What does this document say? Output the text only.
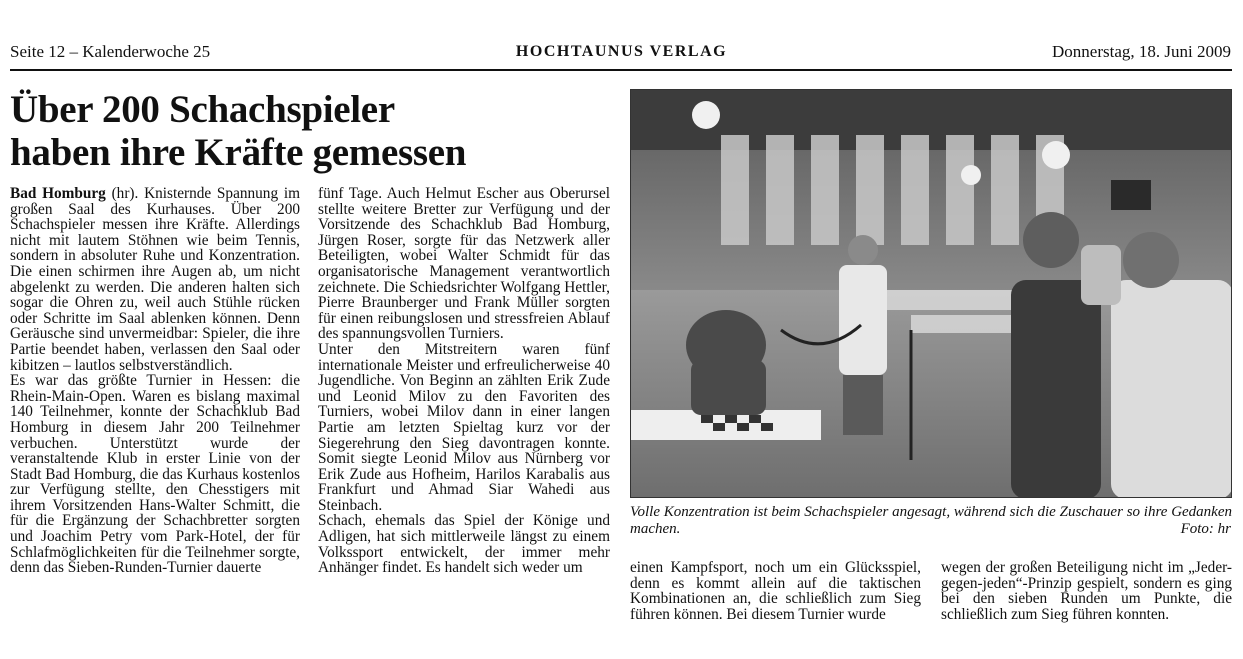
Seite 12 – Kalenderwoche 25	HOCHTAUNUS VERLAG	Donnerstag, 18. Juni 2009
Über 200 Schachspieler
haben ihre Kräfte gemessen

Bad Homburg (hr). Knisternde Spannung im großen Saal des Kurhauses. Über 200 Schachspieler messen ihre Kräfte. Allerdings nicht mit lautem Stöhnen wie beim Tennis, sondern in absoluter Ruhe und Konzentration. Die einen schirmen ihre Augen ab, um nicht abgelenkt zu werden. Die anderen halten sich sogar die Ohren zu, weil auch Stühle rücken oder Schritte im Saal ablenken können. Denn Geräusche sind unvermeidbar: Spieler, die ihre Partie beendet haben, verlassen den Saal oder kibitzen – lautlos selbstverständlich.

Es war das größte Turnier in Hessen: die Rhein-Main-Open. Waren es bislang maximal 140 Teilnehmer, konnte der Schachklub Bad Homburg in diesem Jahr 200 Teilnehmer verbuchen. Unterstützt wurde der veranstaltende Klub in erster Linie von der Stadt Bad Homburg, die das Kurhaus kostenlos zur Verfügung stellte, den Chesstigers mit ihrem Vorsitzenden Hans-Walter Schmitt, die für die Ergänzung der Schachbretter sorgten und Joachim Petry vom Park-Hotel, der für Schlafmöglichkeiten für die Teilnehmer sorgte, denn das Sieben-Runden-Turnier dauerte

fünf Tage. Auch Helmut Escher aus Oberursel stellte weitere Bretter zur Verfügung und der Vorsitzende des Schachklub Bad Homburg, Jürgen Roser, sorgte für das Netzwerk aller Beteiligten, wobei Walter Schmidt für das organisatorische Management verantwortlich zeichnete. Die Schiedsrichter Wolfgang Hettler, Pierre Braunberger und Frank Müller sorgten für einen reibungslosen und stressfreien Ablauf des spannungsvollen Turniers.

Unter den Mitstreitern waren fünf internationale Meister und erfreulicherweise 40 Jugendliche. Von Beginn an zählten Erik Zude und Leonid Milov zu den Favoriten des Turniers, wobei Milov dann in einer langen Partie am letzten Spieltag kurz vor der Siegerehrung den Sieg davontragen konnte. Somit siegte Leonid Milov aus Nürnberg vor Erik Zude aus Hofheim, Harilos Karabalis aus Frankfurt und Ahmad Siar Wahedi aus Steinbach.

Schach, ehemals das Spiel der Könige und Adligen, hat sich mittlerweile längst zu einem Volkssport entwickelt, der immer mehr Anhänger findet. Es handelt sich weder um

Volle Konzentration ist beim Schachspieler angesagt, während sich die Zuschauer so ihre Gedanken machen.	Foto: hr

einen Kampfsport, noch um ein Glücksspiel, denn es kommt allein auf die taktischen Kombinationen an, die schließlich zum Sieg führen können. Bei diesem Turnier wurde

wegen der großen Beteiligung nicht im „Jeder-gegen-jeden“-Prinzip gespielt, sondern es ging bei den sieben Runden um Punkte, die schließlich zum Sieg führen konnten.
